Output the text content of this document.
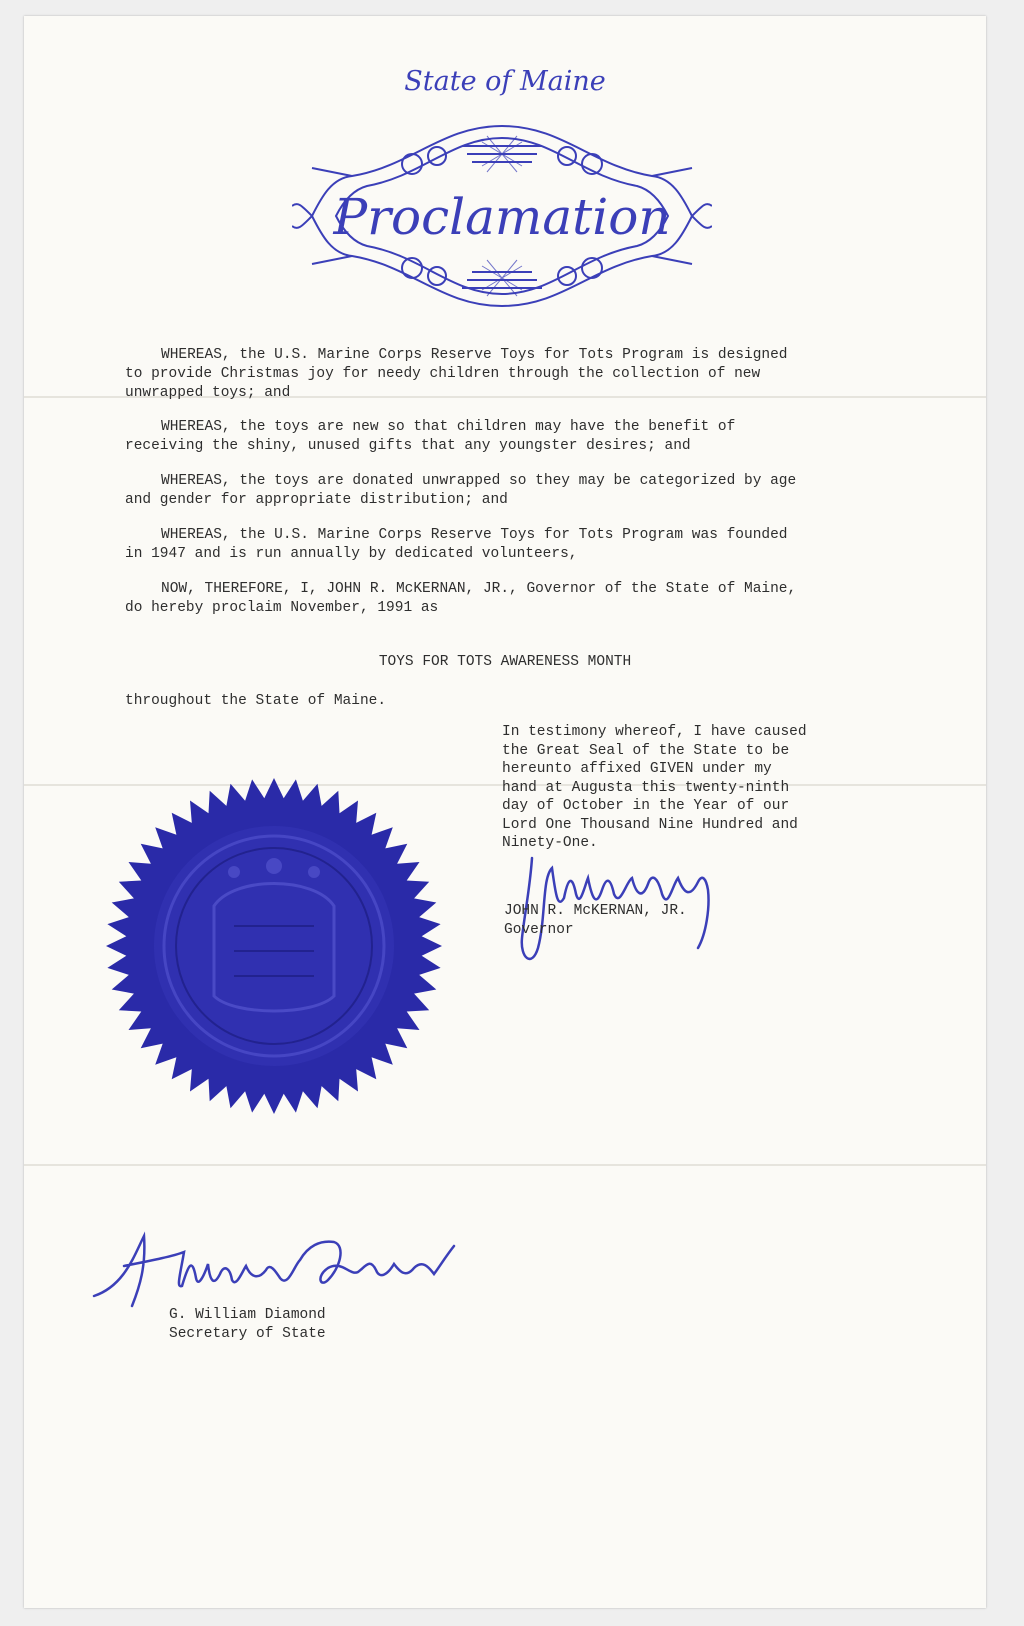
State of Maine
Proclamation

WHEREAS, the U.S. Marine Corps Reserve Toys for Tots Program is designed
to provide Christmas joy for needy children through the collection of new
unwrapped toys; and

WHEREAS, the toys are new so that children may have the benefit of
receiving the shiny, unused gifts that any youngster desires; and

WHEREAS, the toys are donated unwrapped so they may be categorized by age
and gender for appropriate distribution; and

WHEREAS, the U.S. Marine Corps Reserve Toys for Tots Program was founded
in 1947 and is run annually by dedicated volunteers,

NOW, THEREFORE, I, JOHN R. McKERNAN, JR., Governor of the State of Maine,
do hereby proclaim November, 1991 as

TOYS FOR TOTS AWARENESS MONTH
throughout the State of Maine.
In testimony whereof, I have caused
the Great Seal of the State to be
hereunto affixed GIVEN under my
hand at Augusta this twenty-ninth
day of October in the Year of our
Lord One Thousand Nine Hundred and
Ninety-One.
JOHN R. McKERNAN, JR.
Governor
G. William Diamond
Secretary of State
